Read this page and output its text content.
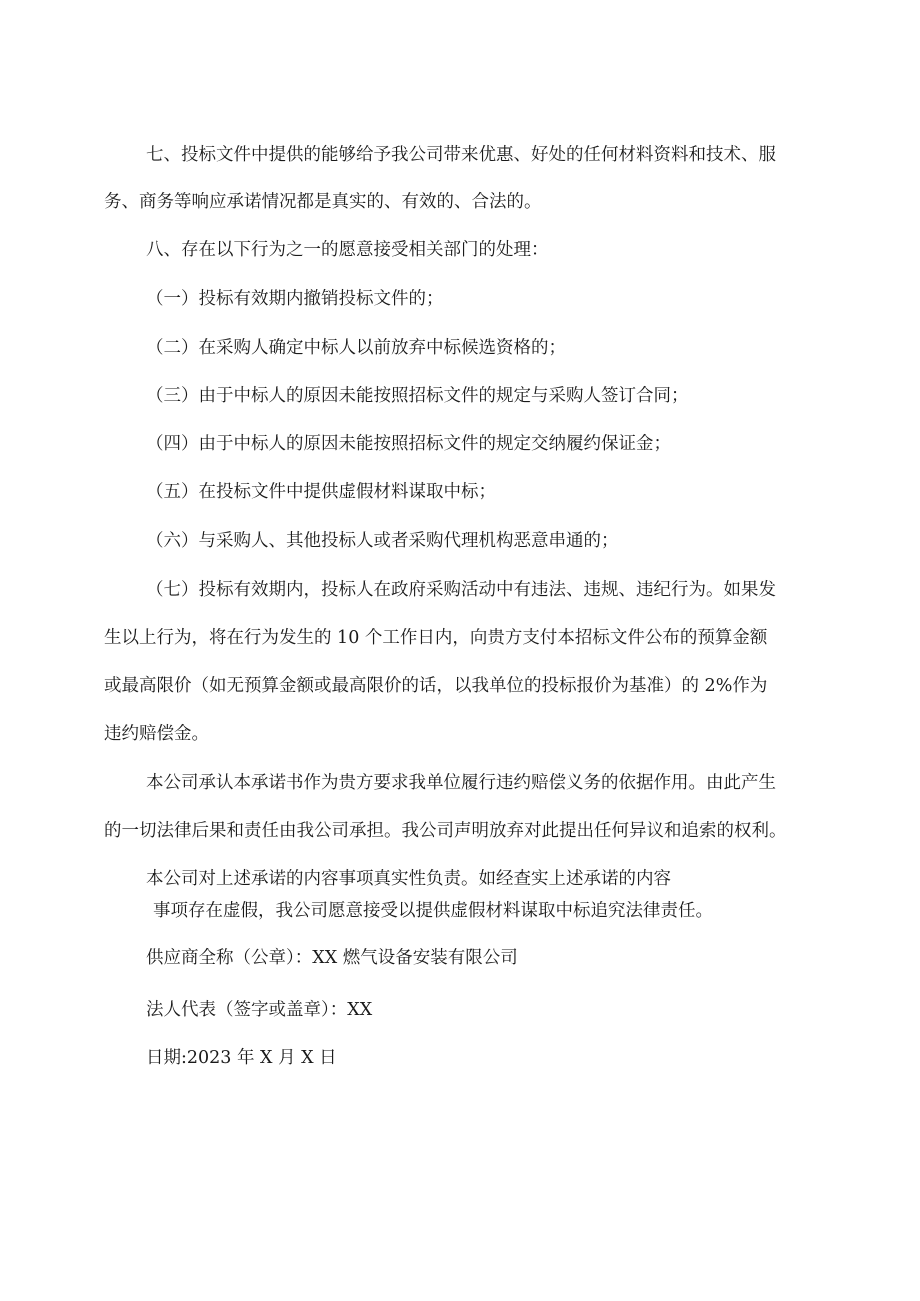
七、投标文件中提供的能够给予我公司带来优惠、好处的任何材料资料和技术、服
务、商务等响应承诺情况都是真实的、有效的、合法的。
八、存在以下行为之一的愿意接受相关部门的处理：
（一）投标有效期内撤销投标文件的；
（二）在采购人确定中标人以前放弃中标候选资格的；
（三）由于中标人的原因未能按照招标文件的规定与采购人签订合同；
（四）由于中标人的原因未能按照招标文件的规定交纳履约保证金；
（五）在投标文件中提供虚假材料谋取中标；
（六）与采购人、其他投标人或者采购代理机构恶意串通的；
（七）投标有效期内，投标人在政府采购活动中有违法、违规、违纪行为。如果发
生以上行为，将在行为发生的 10 个工作日内，向贵方支付本招标文件公布的预算金额
或最高限价（如无预算金额或最高限价的话，以我单位的投标报价为基准）的 2%作为
违约赔偿金。
本公司承认本承诺书作为贵方要求我单位履行违约赔偿义务的依据作用。由此产生
的一切法律后果和责任由我公司承担。我公司声明放弃对此提出任何异议和追索的权利。
本公司对上述承诺的内容事项真实性负责。如经查实上述承诺的内容
事项存在虚假，我公司愿意接受以提供虚假材料谋取中标追究法律责任。
供应商全称（公章）：XX 燃气设备安装有限公司
法人代表（签字或盖章）：XX
日期:2023 年 X 月 X 日
